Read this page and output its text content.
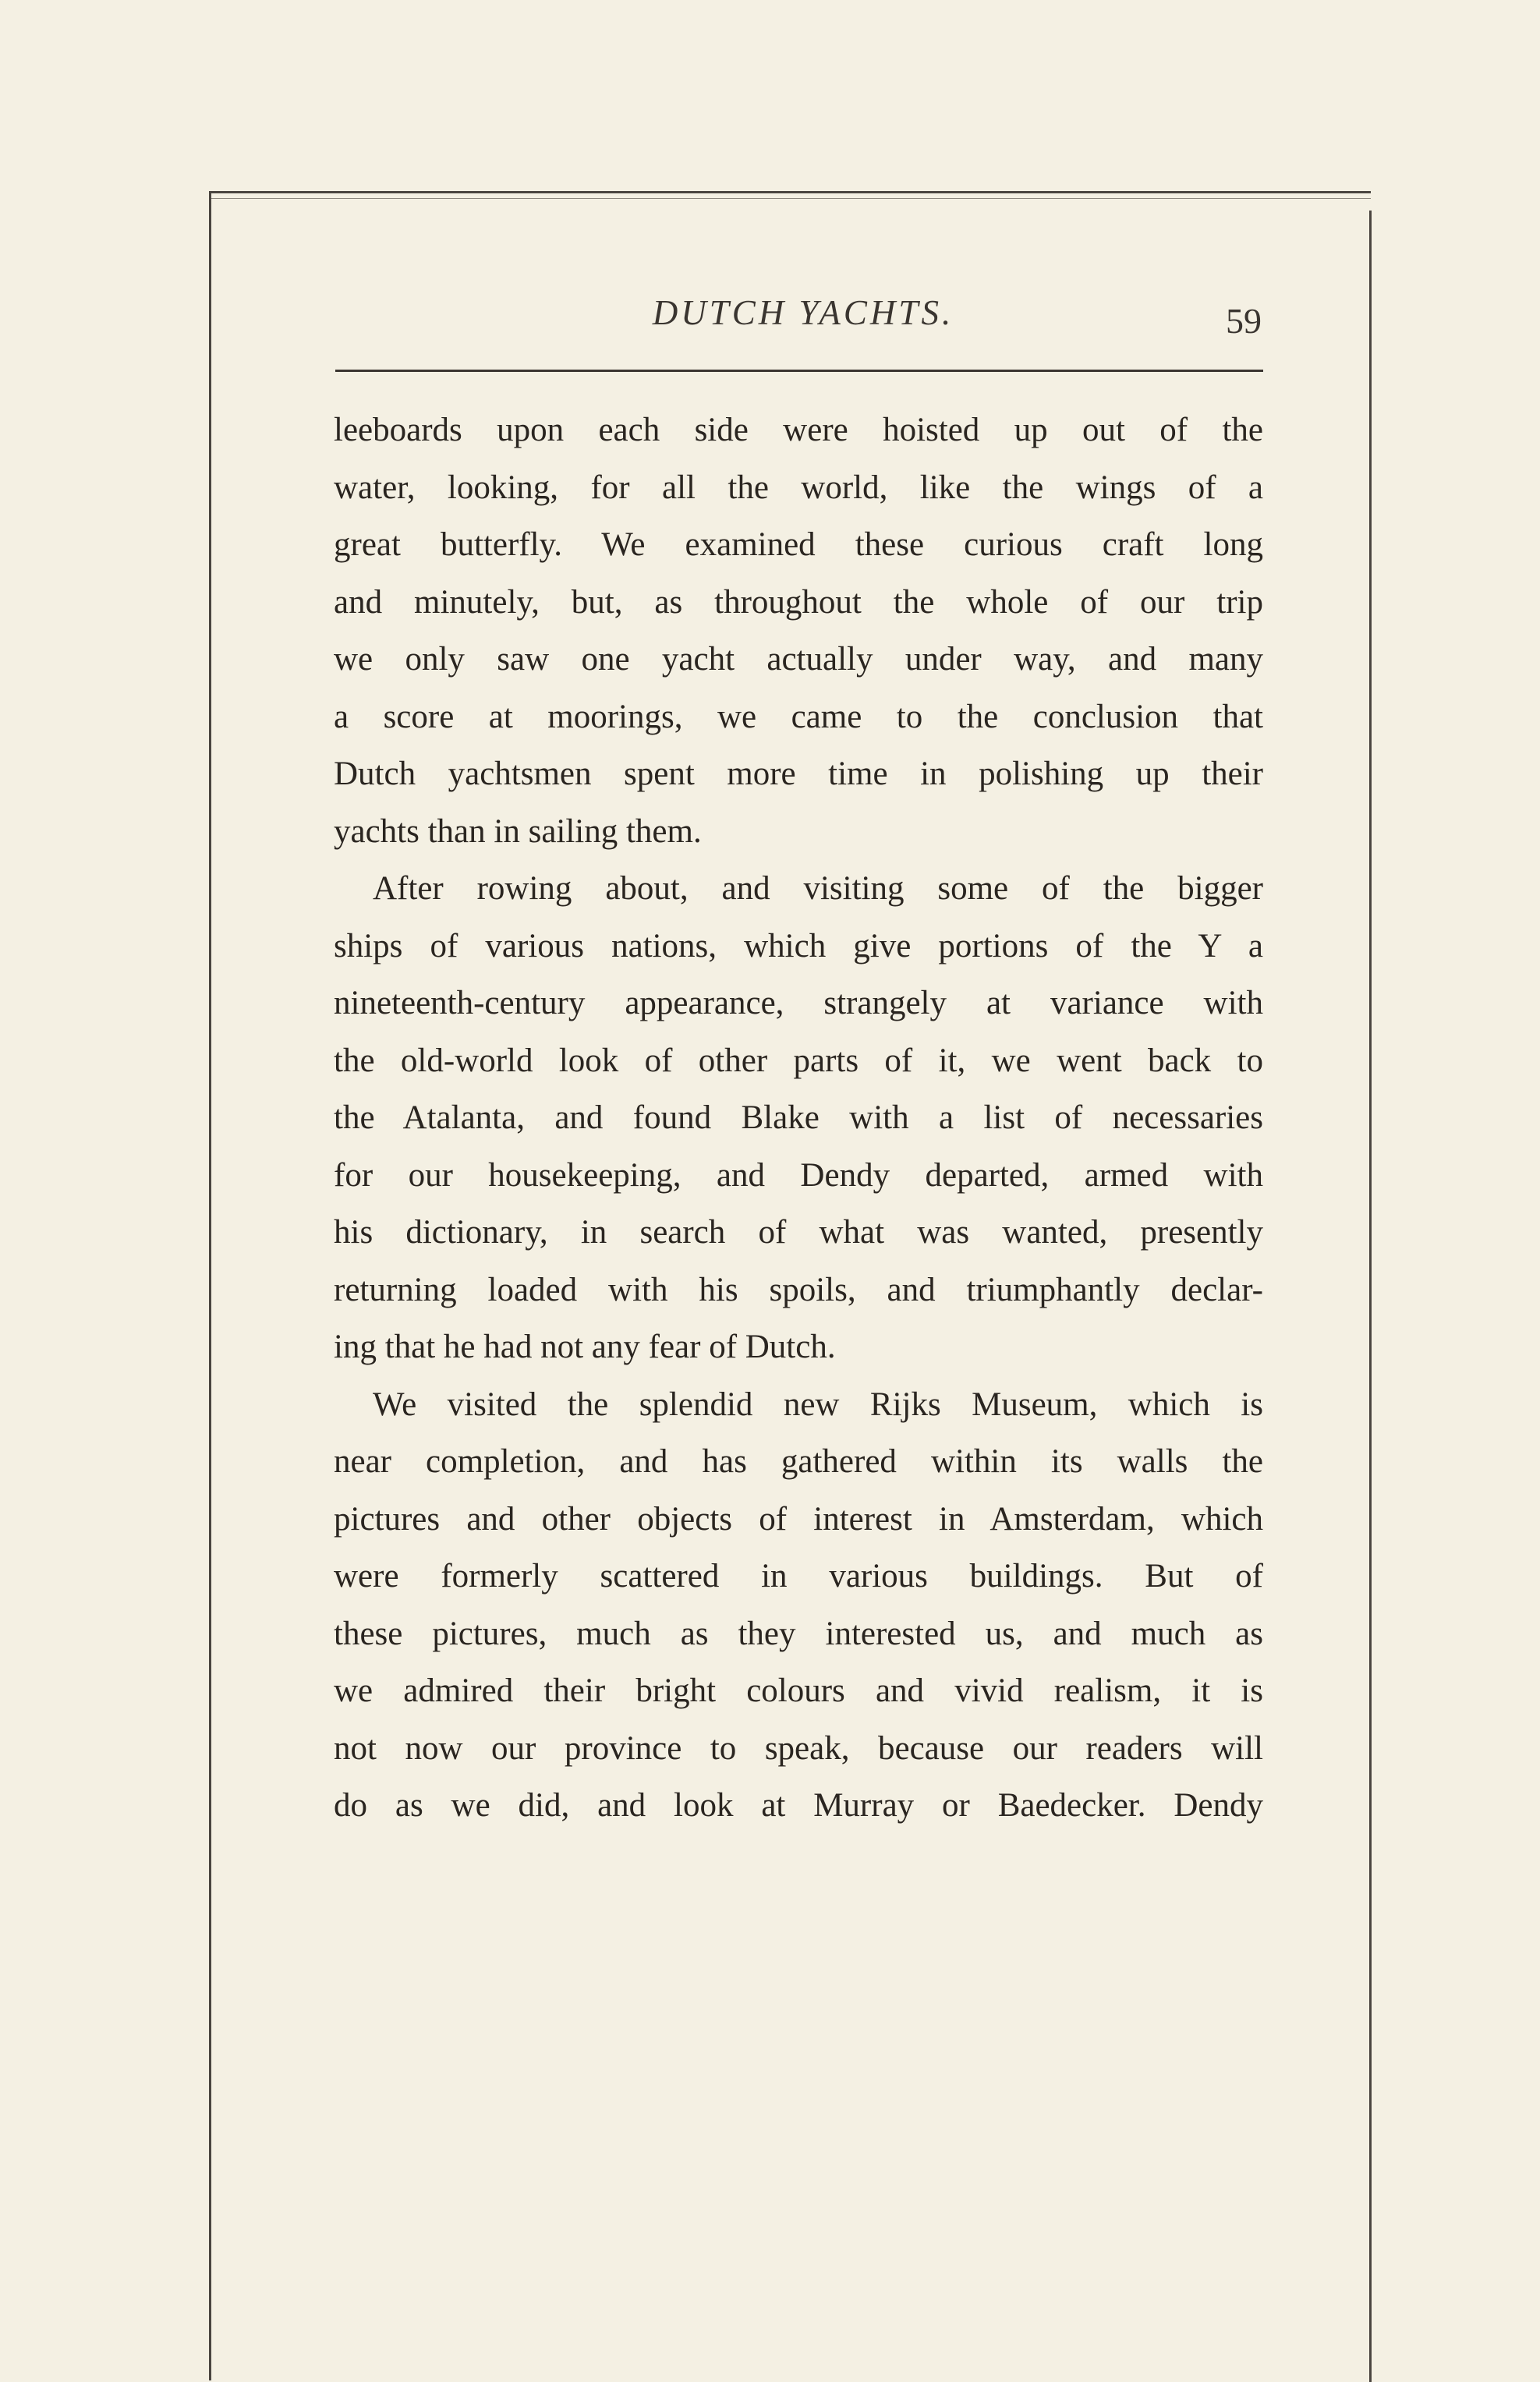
DUTCH YACHTS.	59
leeboards upon each side were hoisted up out of the
water, looking, for all the world, like the wings of a
great butterfly. We examined these curious craft long
and minutely, but, as throughout the whole of our trip
we only saw one yacht actually under way, and many
a score at moorings, we came to the conclusion that
Dutch yachtsmen spent more time in polishing up their
yachts than in sailing them.
After rowing about, and visiting some of the bigger
ships of various nations, which give portions of the Y a
nineteenth-century appearance, strangely at variance with
the old-world look of other parts of it, we went back to
the Atalanta, and found Blake with a list of necessaries
for our housekeeping, and Dendy departed, armed with
his dictionary, in search of what was wanted, presently
returning loaded with his spoils, and triumphantly declar-
ing that he had not any fear of Dutch.
We visited the splendid new Rijks Museum, which is
near completion, and has gathered within its walls the
pictures and other objects of interest in Amsterdam, which
were formerly scattered in various buildings. But of
these pictures, much as they interested us, and much as
we admired their bright colours and vivid realism, it is
not now our province to speak, because our readers will
do as we did, and look at Murray or Baedecker. Dendy
